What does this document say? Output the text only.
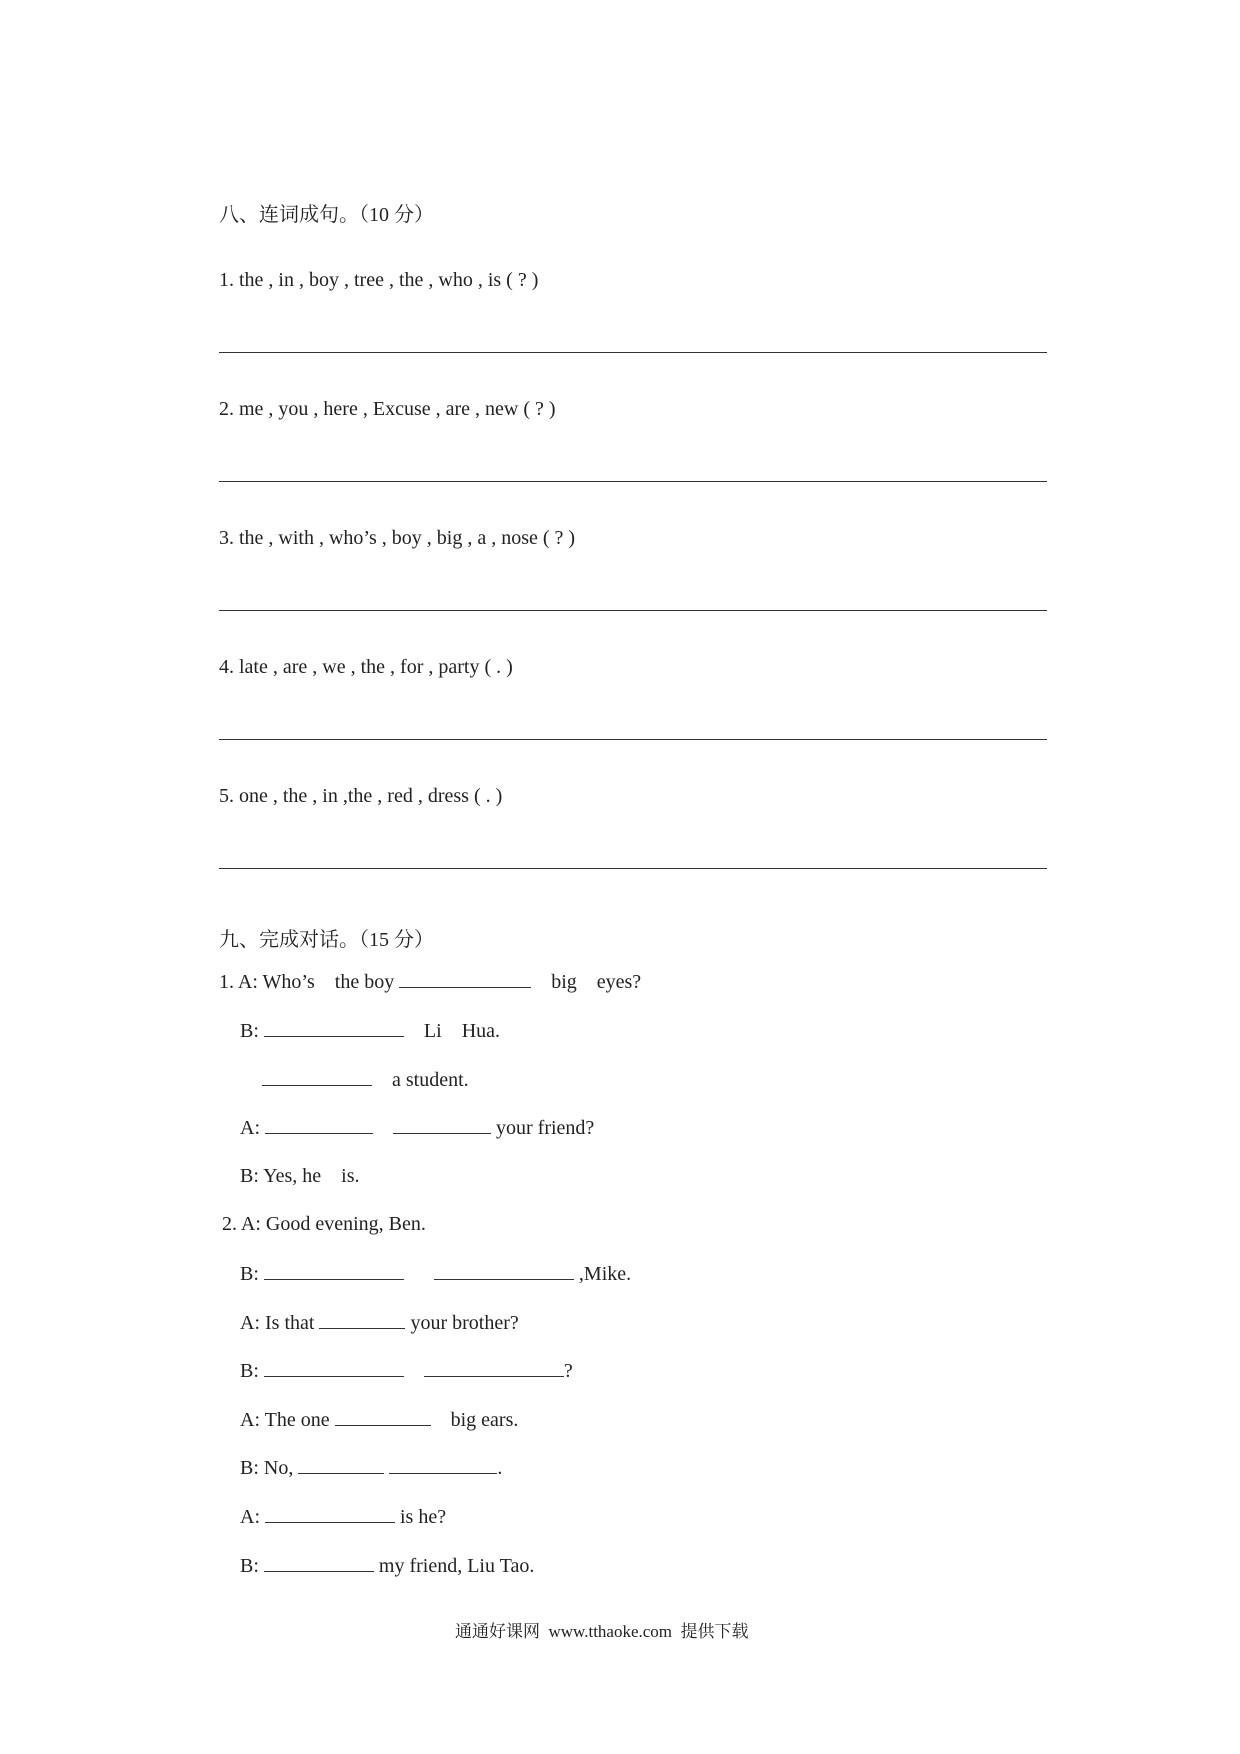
八、连词成句。（10 分）
1. the , in , boy , tree , the , who , is ( ? )
2. me , you , here , Excuse , are , new ( ? )
3. the , with , who’s , boy , big , a , nose ( ? )
4. late , are , we , the , for , party ( . )
5. one , the , in ,the , red , dress ( . )
九、完成对话。（15 分）
1. A: Who’s the boy	big eyes?
B:	Li Hua.
a student.
A:	your friend?
B: Yes, he is.
2. A: Good evening, Ben.
B:	,Mike.
A: Is that	your brother?
B:	?
A: The one	big ears.
B: No,	.
A:	is he?
B:	my friend, Liu Tao.
通通好课网 www.tthaoke.com 提供下载
